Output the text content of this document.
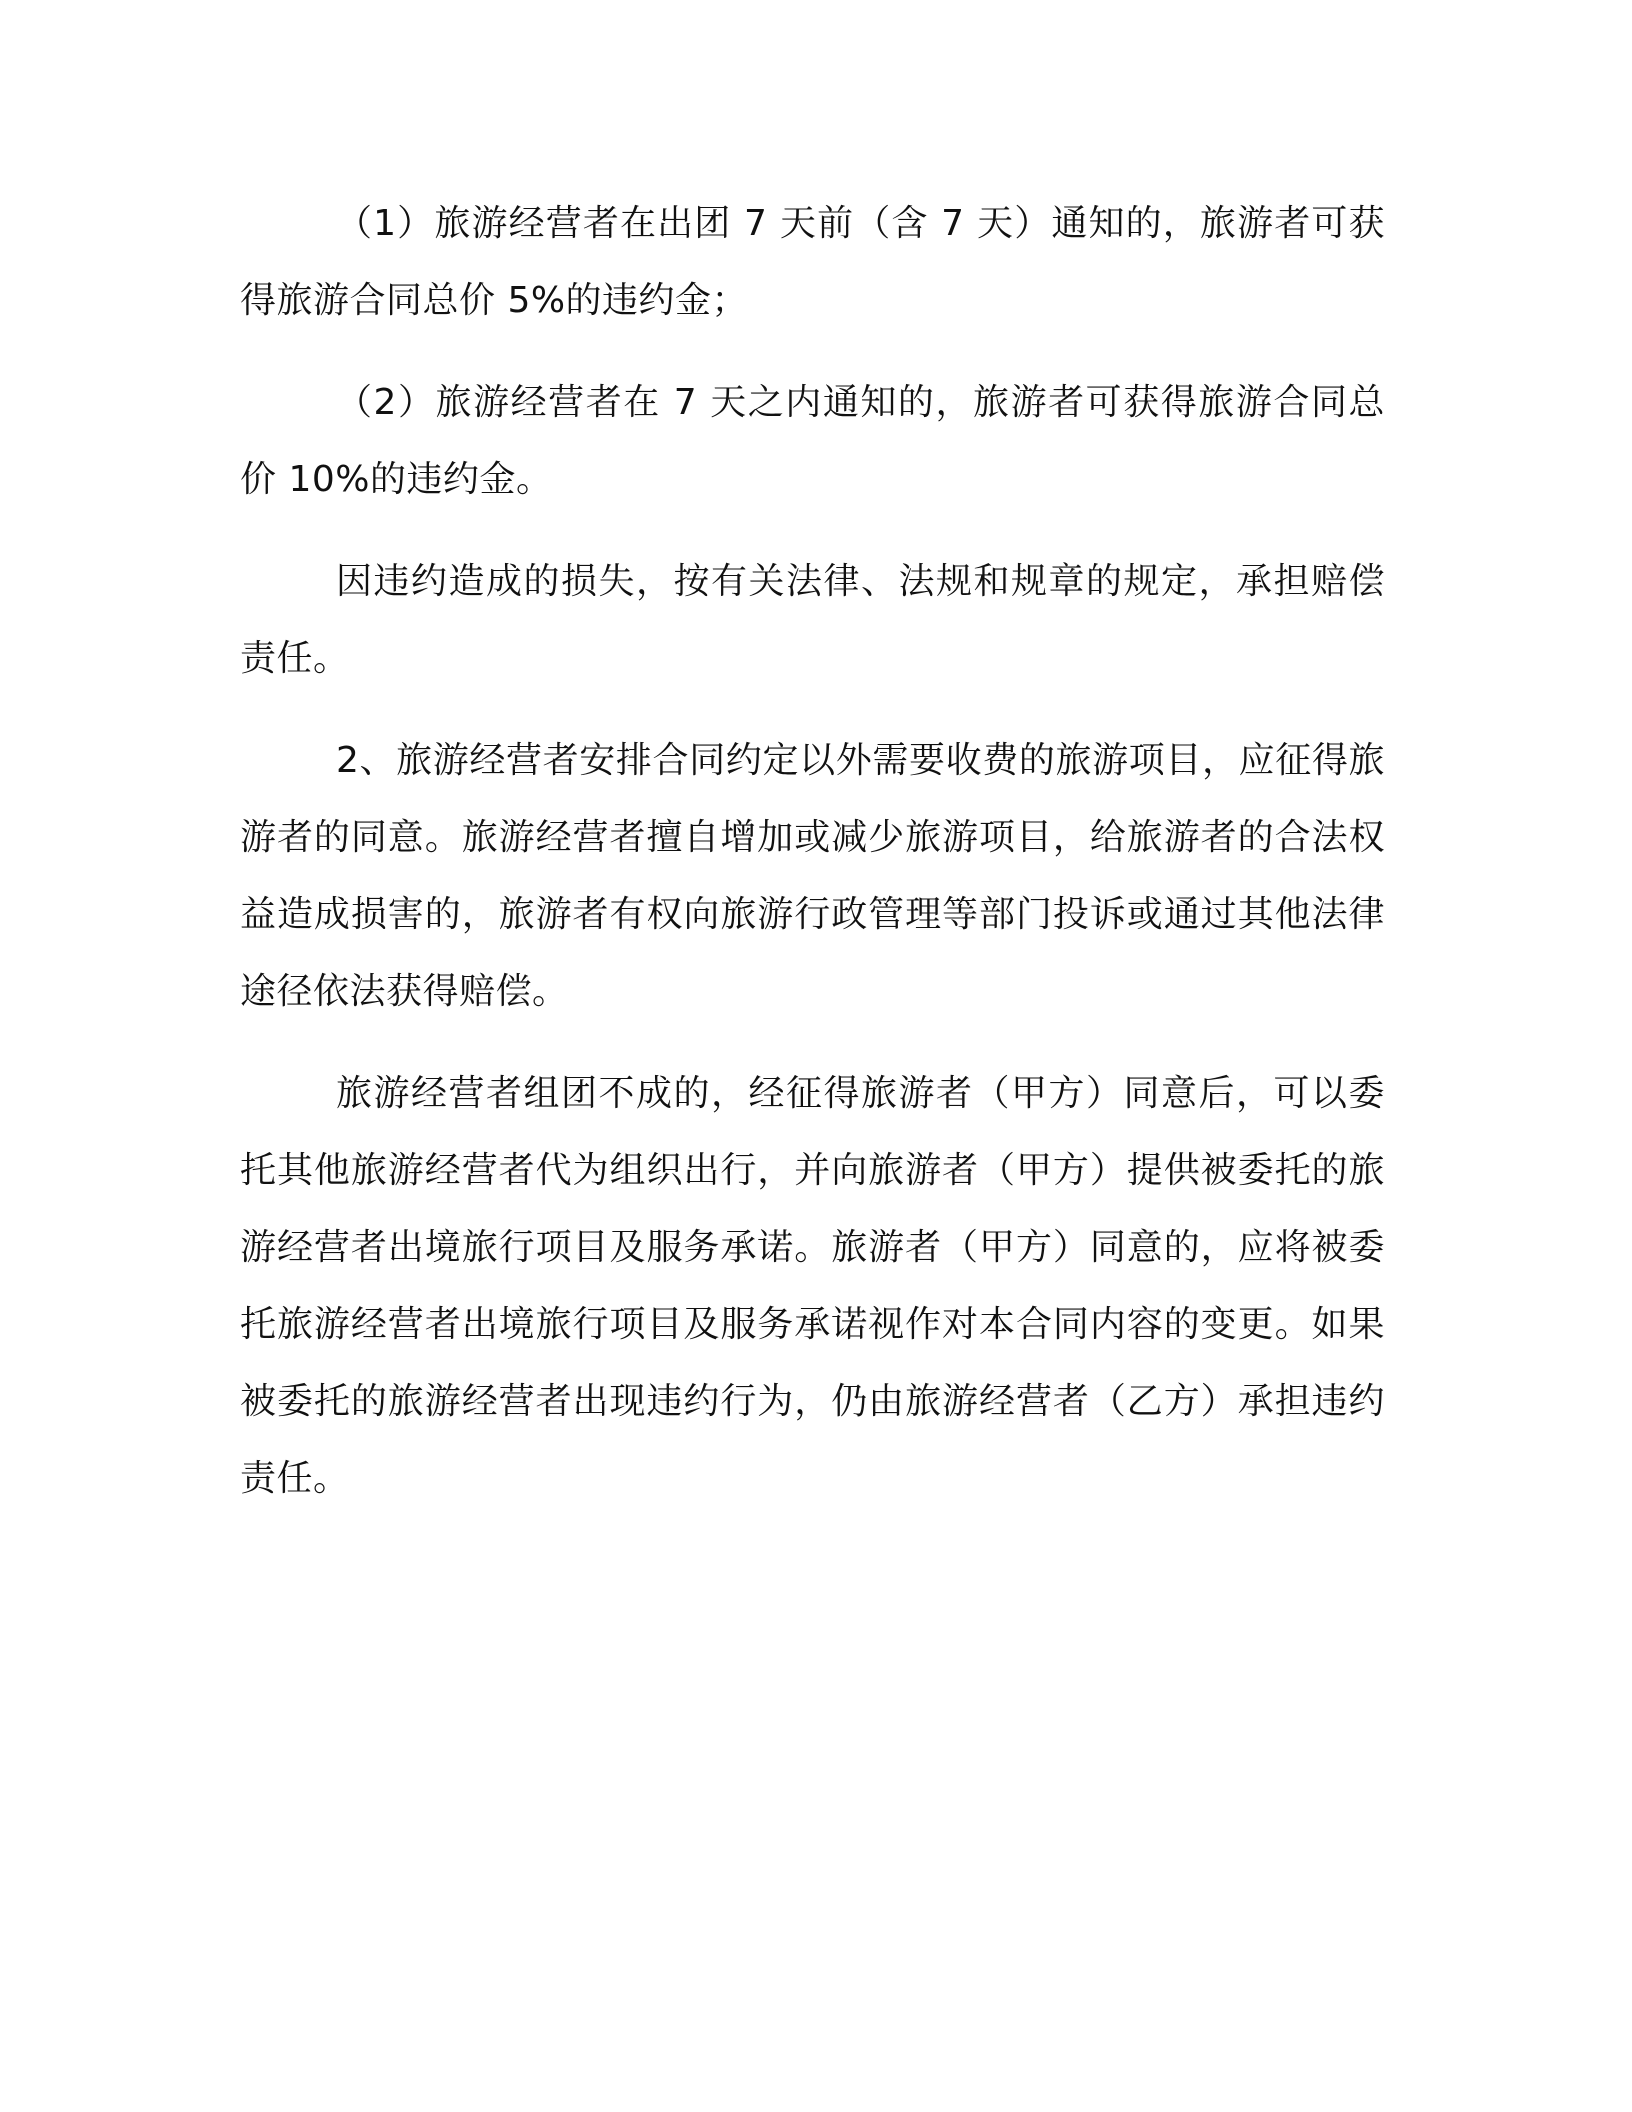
（1）旅游经营者在出团 7 天前（含 7 天）通知的，旅游者可获得旅游合同总价 5%的违约金；

（2）旅游经营者在 7 天之内通知的，旅游者可获得旅游合同总价 10%的违约金。

因违约造成的损失，按有关法律、法规和规章的规定，承担赔偿责任。

2、旅游经营者安排合同约定以外需要收费的旅游项目，应征得旅游者的同意。旅游经营者擅自增加或减少旅游项目，给旅游者的合法权益造成损害的，旅游者有权向旅游行政管理等部门投诉或通过其他法律途径依法获得赔偿。

旅游经营者组团不成的，经征得旅游者（甲方）同意后，可以委托其他旅游经营者代为组织出行，并向旅游者（甲方）提供被委托的旅游经营者出境旅行项目及服务承诺。旅游者（甲方）同意的，应将被委托旅游经营者出境旅行项目及服务承诺视作对本合同内容的变更。如果被委托的旅游经营者出现违约行为，仍由旅游经营者（乙方）承担违约责任。
